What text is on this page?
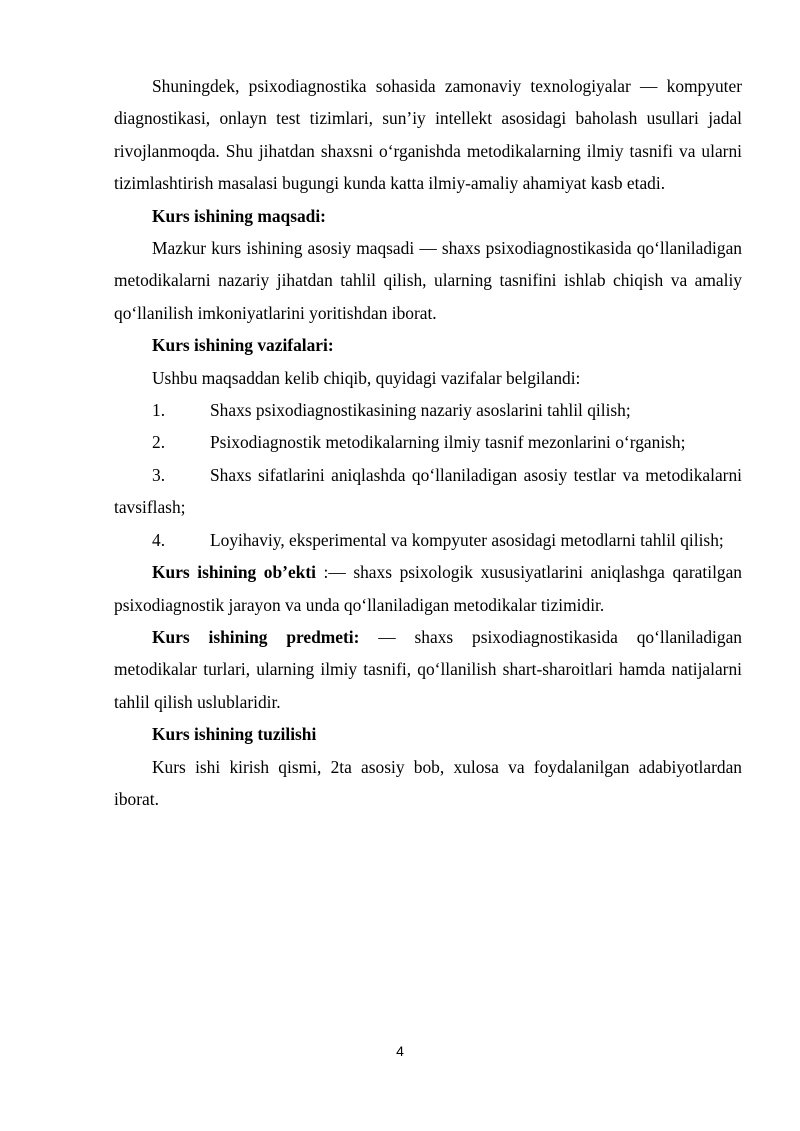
Shuningdek, psixodiagnostika sohasida zamonaviy texnologiyalar — kompyuter diagnostikasi, onlayn test tizimlari, sun’iy intellekt asosidagi baholash usullari jadal rivojlanmoqda. Shu jihatdan shaxsni o‘rganishda metodikalarning ilmiy tasnifi va ularni tizimlashtirish masalasi bugungi kunda katta ilmiy-amaliy ahamiyat kasb etadi.

Kurs ishining maqsadi:

Mazkur kurs ishining asosiy maqsadi — shaxs psixodiagnostikasida qo‘llaniladigan metodikalarni nazariy jihatdan tahlil qilish, ularning tasnifini ishlab chiqish va amaliy qo‘llanilish imkoniyatlarini yoritishdan iborat.

Kurs ishining vazifalari:

Ushbu maqsaddan kelib chiqib, quyidagi vazifalar belgilandi:

1.	Shaxs psixodiagnostikasining nazariy asoslarini tahlil qilish;

2.	Psixodiagnostik metodikalarning ilmiy tasnif mezonlarini o‘rganish;

3.	Shaxs sifatlarini aniqlashda qo‘llaniladigan asosiy testlar va metodikalarni tavsiflash;

4.	Loyihaviy, eksperimental va kompyuter asosidagi metodlarni tahlil qilish;

Kurs ishining ob’ekti :— shaxs psixologik xususiyatlarini aniqlashga qaratilgan psixodiagnostik jarayon va unda qo‘llaniladigan metodikalar tizimidir.

Kurs ishining predmeti: — shaxs psixodiagnostikasida qo‘llaniladigan metodikalar turlari, ularning ilmiy tasnifi, qo‘llanilish shart-sharoitlari hamda natijalarni tahlil qilish uslublaridir.

Kurs ishining tuzilishi

Kurs ishi kirish qismi, 2ta asosiy bob, xulosa va foydalanilgan adabiyotlardan iborat.

4
